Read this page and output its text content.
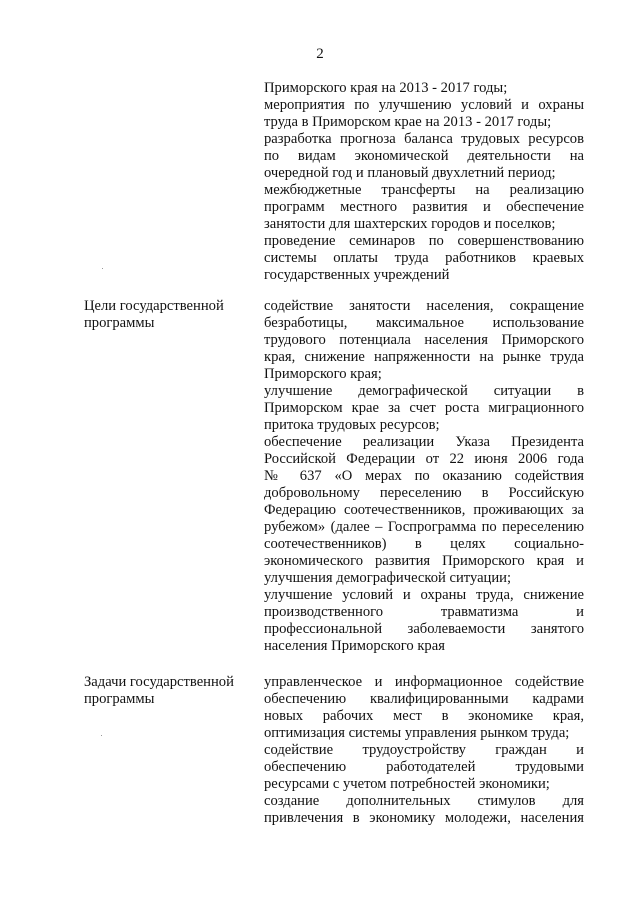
2
Приморского края на 2013 - 2017 годы;
мероприятия по улучшению условий и охраны
труда в Приморском крае на 2013 - 2017 годы;
разработка прогноза баланса трудовых ресурсов
по видам экономической деятельности на
очередной год и плановый двухлетний период;
межбюджетные трансферты на реализацию
программ местного развития и обеспечение
занятости для шахтерских городов и поселков;
проведение семинаров по совершенствованию
системы оплаты труда работников краевых
государственных учреждений
Цели государственной
программы
содействие занятости населения, сокращение
безработицы, максимальное использование
трудового потенциала населения Приморского
края, снижение напряженности на рынке труда
Приморского края;
улучшение демографической ситуации в
Приморском крае за счет роста миграционного
притока трудовых ресурсов;
обеспечение реализации Указа Президента
Российской Федерации от 22 июня 2006 года
№ 637 «О мерах по оказанию содействия
добровольному переселению в Российскую
Федерацию соотечественников, проживающих за
рубежом» (далее – Госпрограмма по переселению
соотечественников) в целях социально-
экономического развития Приморского края и
улучшения демографической ситуации;
улучшение условий и охраны труда, снижение
производственного травматизма и
профессиональной заболеваемости занятого
населения Приморского края
Задачи государственной
программы
управленческое и информационное содействие
обеспечению квалифицированными кадрами
новых рабочих мест в экономике края,
оптимизация системы управления рынком труда;
содействие трудоустройству граждан и
обеспечению работодателей трудовыми
ресурсами с учетом потребностей экономики;
создание дополнительных стимулов для
привлечения в экономику молодежи, населения
